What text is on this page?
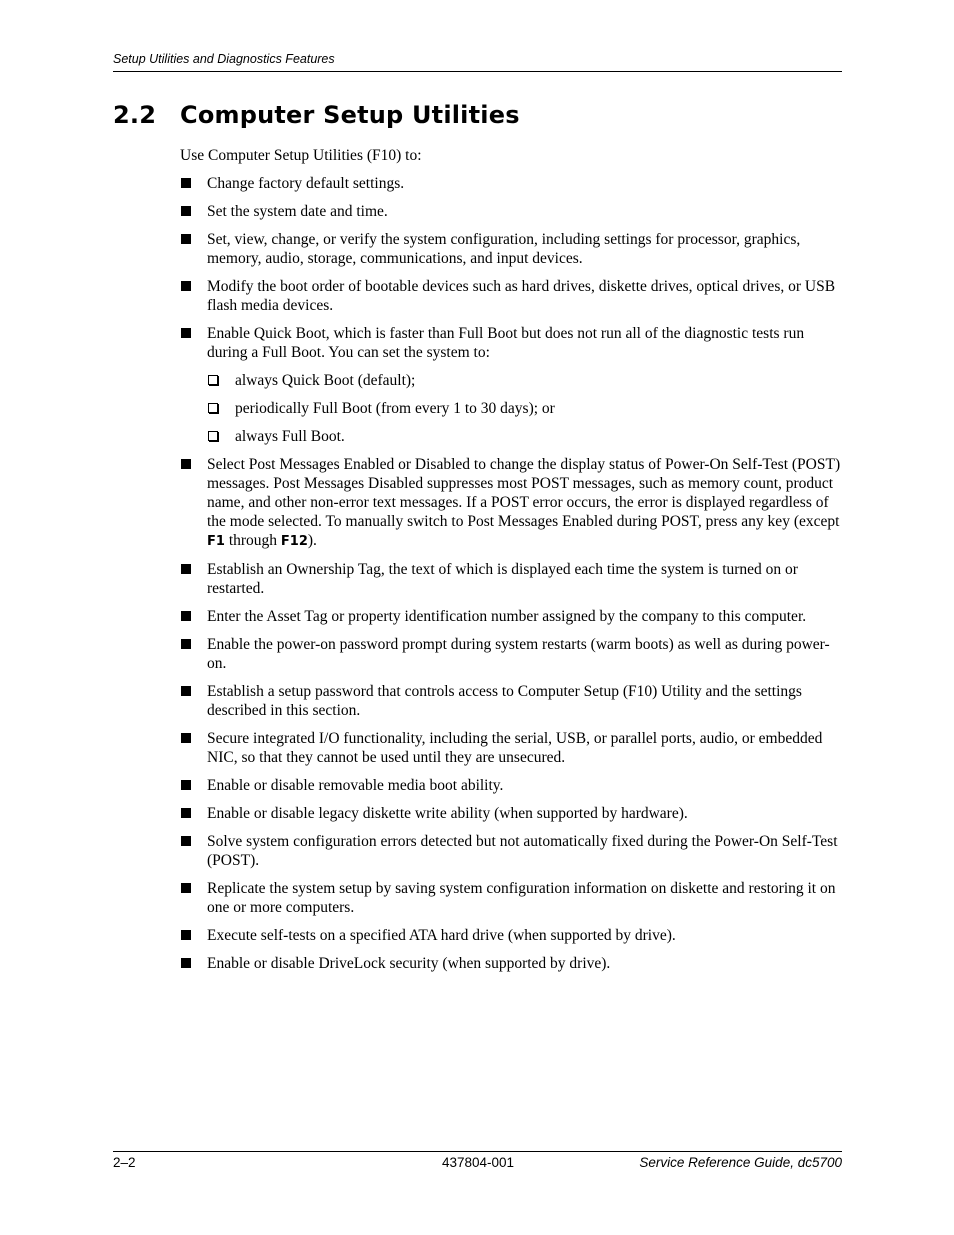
Setup Utilities and Diagnostics Features
2.2 Computer Setup Utilities

Use Computer Setup Utilities (F10) to:

Change factory default settings.
Set the system date and time.
Set, view, change, or verify the system configuration, including settings for processor, graphics, memory, audio, storage, communications, and input devices.
Modify the boot order of bootable devices such as hard drives, diskette drives, optical drives, or USB flash media devices.
Enable Quick Boot, which is faster than Full Boot but does not run all of the diagnostic tests run during a Full Boot. You can set the system to:
always Quick Boot (default);
periodically Full Boot (from every 1 to 30 days); or
always Full Boot.
Select Post Messages Enabled or Disabled to change the display status of Power-On Self-Test (POST) messages. Post Messages Disabled suppresses most POST messages, such as memory count, product name, and other non-error text messages. If a POST error occurs, the error is displayed regardless of the mode selected. To manually switch to Post Messages Enabled during POST, press any key (except F1 through F12).
Establish an Ownership Tag, the text of which is displayed each time the system is turned on or restarted.
Enter the Asset Tag or property identification number assigned by the company to this computer.
Enable the power-on password prompt during system restarts (warm boots) as well as during power-on.
Establish a setup password that controls access to Computer Setup (F10) Utility and the settings described in this section.
Secure integrated I/O functionality, including the serial, USB, or parallel ports, audio, or embedded NIC, so that they cannot be used until they are unsecured.
Enable or disable removable media boot ability.
Enable or disable legacy diskette write ability (when supported by hardware).
Solve system configuration errors detected but not automatically fixed during the Power-On Self-Test (POST).
Replicate the system setup by saving system configuration information on diskette and restoring it on one or more computers.
Execute self-tests on a specified ATA hard drive (when supported by drive).
Enable or disable DriveLock security (when supported by drive).
2–2	437804-001	Service Reference Guide, dc5700
